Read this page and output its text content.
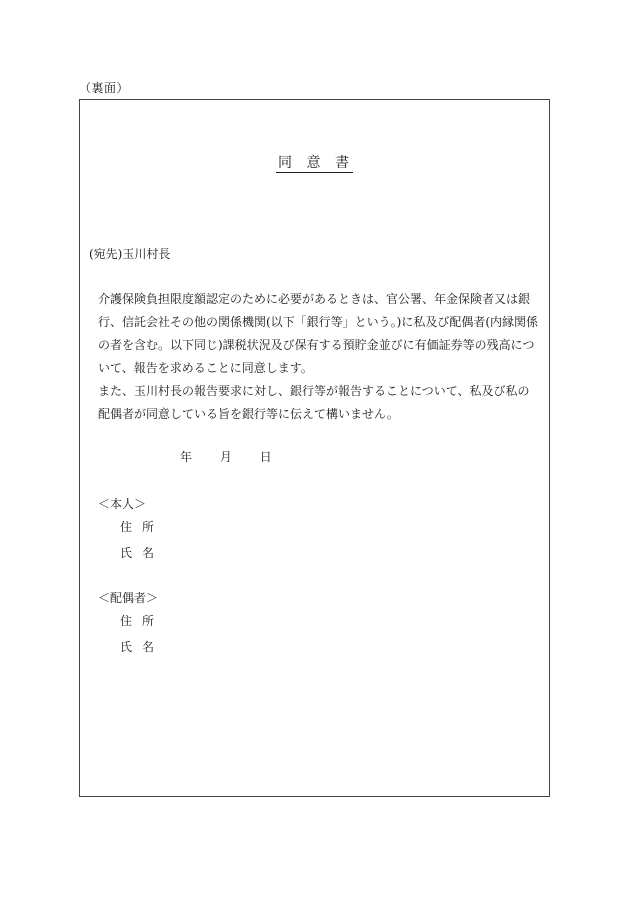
（裏面）
同 意 書
(宛先)玉川村長

介護保険負担限度額認定のために必要があるときは、官公署、年金保険者又は銀行、信託会社その他の関係機関(以下「銀行等」という。)に私及び配偶者(内縁関係の者を含む。以下同じ)課税状況及び保有する預貯金並びに有価証券等の残高について、報告を求めることに同意します。

また、玉川村長の報告要求に対し、銀行等が報告することについて、私及び私の配偶者が同意している旨を銀行等に伝えて構いません。

年 月 日
＜本人＞
住所
氏名
＜配偶者＞
住所
氏名
